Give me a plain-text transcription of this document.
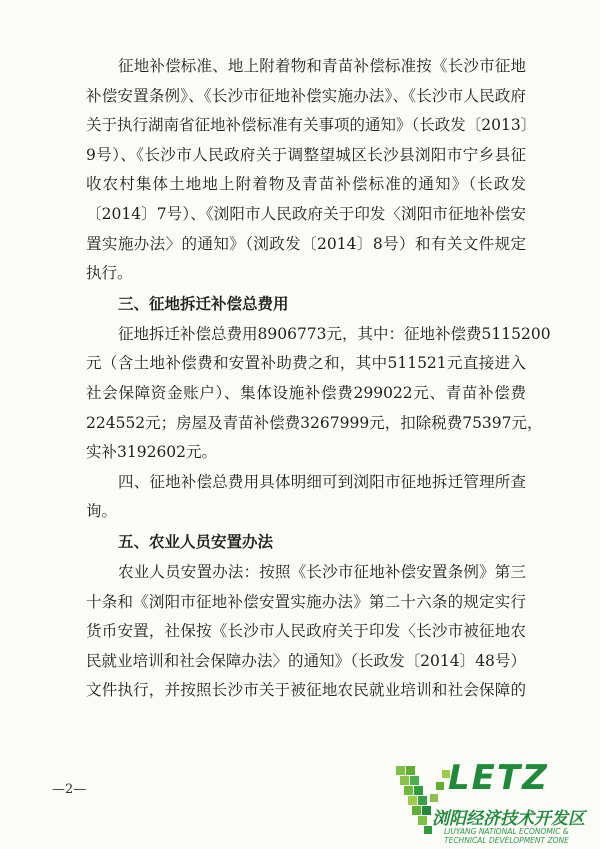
征地补偿标准、地上附着物和青苗补偿标准按《长沙市征地
补偿安置条例》、《长沙市征地补偿实施办法》、《长沙市人民政府
关于执行湖南省征地补偿标准有关事项的通知》（长政发〔2013〕
9号）、《长沙市人民政府关于调整望城区长沙县浏阳市宁乡县征
收农村集体土地地上附着物及青苗补偿标准的通知》（长政发
〔2014〕7号）、《浏阳市人民政府关于印发〈浏阳市征地补偿安
置实施办法〉的通知》（浏政发〔2014〕8号）和有关文件规定
执行。
三、征地拆迁补偿总费用
征地拆迁补偿总费用8906773元，其中：征地补偿费5115200
元（含土地补偿费和安置补助费之和，其中511521元直接进入
社会保障资金账户）、集体设施补偿费299022元、青苗补偿费
224552元；房屋及青苗补偿费3267999元，扣除税费75397元，
实补3192602元。
四、征地补偿总费用具体明细可到浏阳市征地拆迁管理所查
询。
五、农业人员安置办法
农业人员安置办法：按照《长沙市征地补偿安置条例》第三
十条和《浏阳市征地补偿安置实施办法》第二十六条的规定实行
货币安置，社保按《长沙市人民政府关于印发〈长沙市被征地农
民就业培训和社会保障办法〉的通知》（长政发〔2014〕48号）
文件执行，并按照长沙市关于被征地农民就业培训和社会保障的
—2—	LETZ
浏阳经济技术开发区
LIUYANG NATIONAL ECONOMIC &
TECHNICAL DEVELOPMENT ZONE
